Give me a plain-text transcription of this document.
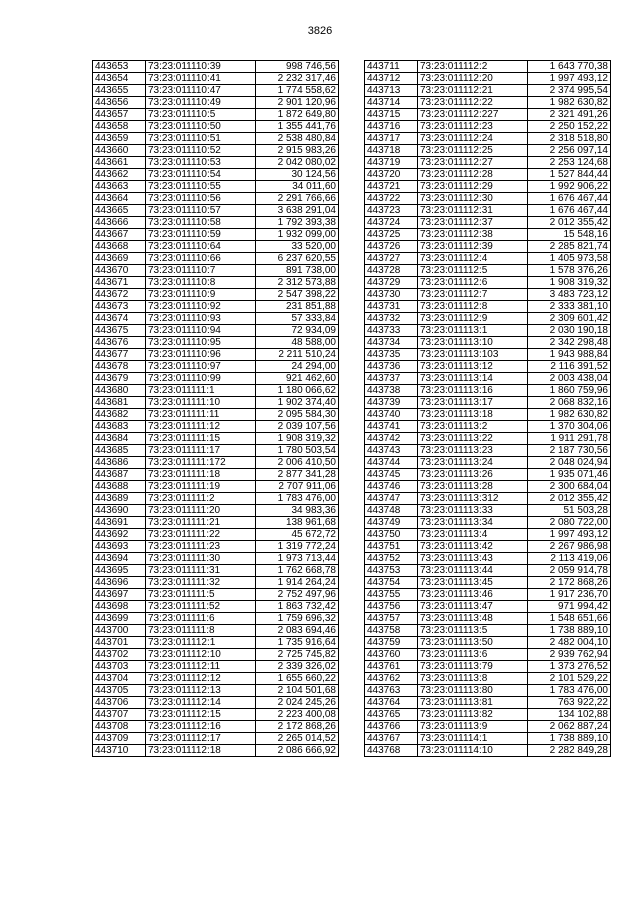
3826
443653	73:23:011110:39	998 746,56
443654	73:23:011110:41	2 232 317,46
443655	73:23:011110:47	1 774 558,62
443656	73:23:011110:49	2 901 120,96
443657	73:23:011110:5	1 872 649,80
443658	73:23:011110:50	1 355 441,76
443659	73:23:011110:51	2 538 480,84
443660	73:23:011110:52	2 915 983,26
443661	73:23:011110:53	2 042 080,02
443662	73:23:011110:54	30 124,56
443663	73:23:011110:55	34 011,60
443664	73:23:011110:56	2 291 766,66
443665	73:23:011110:57	3 638 291,04
443666	73:23:011110:58	1 792 393,38
443667	73:23:011110:59	1 932 099,00
443668	73:23:011110:64	33 520,00
443669	73:23:011110:66	6 237 620,55
443670	73:23:011110:7	891 738,00
443671	73:23:011110:8	2 312 573,88
443672	73:23:011110:9	2 547 398,22
443673	73:23:011110:92	231 851,88
443674	73:23:011110:93	57 333,84
443675	73:23:011110:94	72 934,09
443676	73:23:011110:95	48 588,00
443677	73:23:011110:96	2 211 510,24
443678	73:23:011110:97	24 294,00
443679	73:23:011110:99	921 462,60
443680	73:23:011111:1	1 180 066,62
443681	73:23:011111:10	1 902 374,40
443682	73:23:011111:11	2 095 584,30
443683	73:23:011111:12	2 039 107,56
443684	73:23:011111:15	1 908 319,32
443685	73:23:011111:17	1 780 503,54
443686	73:23:011111:172	2 006 410,50
443687	73:23:011111:18	2 877 341,28
443688	73:23:011111:19	2 707 911,06
443689	73:23:011111:2	1 783 476,00
443690	73:23:011111:20	34 983,36
443691	73:23:011111:21	138 961,68
443692	73:23:011111:22	45 672,72
443693	73:23:011111:23	1 319 772,24
443694	73:23:011111:30	1 973 713,44
443695	73:23:011111:31	1 762 668,78
443696	73:23:011111:32	1 914 264,24
443697	73:23:011111:5	2 752 497,96
443698	73:23:011111:52	1 863 732,42
443699	73:23:011111:6	1 759 696,32
443700	73:23:011111:8	2 083 694,46
443701	73:23:011112:1	1 735 916,64
443702	73:23:011112:10	2 725 745,82
443703	73:23:011112:11	2 339 326,02
443704	73:23:011112:12	1 655 660,22
443705	73:23:011112:13	2 104 501,68
443706	73:23:011112:14	2 024 245,26
443707	73:23:011112:15	2 223 400,08
443708	73:23:011112:16	2 172 868,26
443709	73:23:011112:17	2 265 014,52
443710	73:23:011112:18	2 086 666,92
443711	73:23:011112:2	1 643 770,38
443712	73:23:011112:20	1 997 493,12
443713	73:23:011112:21	2 374 995,54
443714	73:23:011112:22	1 982 630,82
443715	73:23:011112:227	2 321 491,26
443716	73:23:011112:23	2 250 152,22
443717	73:23:011112:24	2 318 518,80
443718	73:23:011112:25	2 256 097,14
443719	73:23:011112:27	2 253 124,68
443720	73:23:011112:28	1 527 844,44
443721	73:23:011112:29	1 992 906,22
443722	73:23:011112:30	1 676 467,44
443723	73:23:011112:31	1 676 467,44
443724	73:23:011112:37	2 012 355,42
443725	73:23:011112:38	15 548,16
443726	73:23:011112:39	2 285 821,74
443727	73:23:011112:4	1 405 973,58
443728	73:23:011112:5	1 578 376,26
443729	73:23:011112:6	1 908 319,32
443730	73:23:011112:7	3 483 723,12
443731	73:23:011112:8	2 333 381,10
443732	73:23:011112:9	2 309 601,42
443733	73:23:011113:1	2 030 190,18
443734	73:23:011113:10	2 342 298,48
443735	73:23:011113:103	1 943 988,84
443736	73:23:011113:12	2 116 391,52
443737	73:23:011113:14	2 003 438,04
443738	73:23:011113:16	1 860 759,96
443739	73:23:011113:17	2 068 832,16
443740	73:23:011113:18	1 982 630,82
443741	73:23:011113:2	1 370 304,06
443742	73:23:011113:22	1 911 291,78
443743	73:23:011113:23	2 187 730,56
443744	73:23:011113:24	2 048 024,94
443745	73:23:011113:26	1 935 071,46
443746	73:23:011113:28	2 300 684,04
443747	73:23:011113:312	2 012 355,42
443748	73:23:011113:33	51 503,28
443749	73:23:011113:34	2 080 722,00
443750	73:23:011113:4	1 997 493,12
443751	73:23:011113:42	2 267 986,98
443752	73:23:011113:43	2 113 419,06
443753	73:23:011113:44	2 059 914,78
443754	73:23:011113:45	2 172 868,26
443755	73:23:011113:46	1 917 236,70
443756	73:23:011113:47	971 994,42
443757	73:23:011113:48	1 548 651,66
443758	73:23:011113:5	1 738 889,10
443759	73:23:011113:50	2 482 004,10
443760	73:23:011113:6	2 939 762,94
443761	73:23:011113:79	1 373 276,52
443762	73:23:011113:8	2 101 529,22
443763	73:23:011113:80	1 783 476,00
443764	73:23:011113:81	763 922,22
443765	73:23:011113:82	134 102,88
443766	73:23:011113:9	2 062 887,24
443767	73:23:011114:1	1 738 889,10
443768	73:23:011114:10	2 282 849,28
